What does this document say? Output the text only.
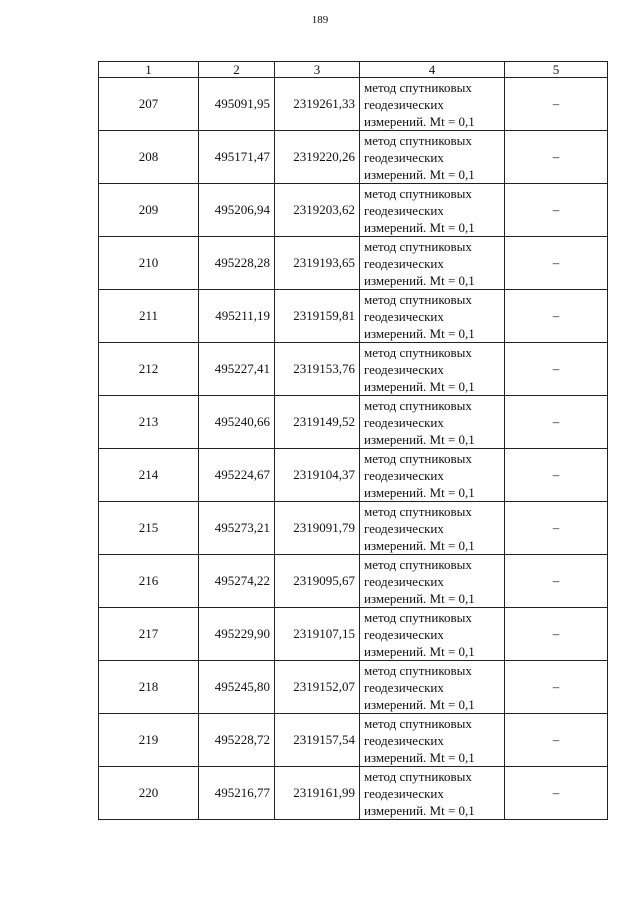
189
1	2	3	4	5
207	495091,95	2319261,33	метод спутниковых
геодезических
измерений. Mt = 0,1	–
208	495171,47	2319220,26	метод спутниковых
геодезических
измерений. Mt = 0,1	–
209	495206,94	2319203,62	метод спутниковых
геодезических
измерений. Mt = 0,1	–
210	495228,28	2319193,65	метод спутниковых
геодезических
измерений. Mt = 0,1	–
211	495211,19	2319159,81	метод спутниковых
геодезических
измерений. Mt = 0,1	–
212	495227,41	2319153,76	метод спутниковых
геодезических
измерений. Mt = 0,1	–
213	495240,66	2319149,52	метод спутниковых
геодезических
измерений. Mt = 0,1	–
214	495224,67	2319104,37	метод спутниковых
геодезических
измерений. Mt = 0,1	–
215	495273,21	2319091,79	метод спутниковых
геодезических
измерений. Mt = 0,1	–
216	495274,22	2319095,67	метод спутниковых
геодезических
измерений. Mt = 0,1	–
217	495229,90	2319107,15	метод спутниковых
геодезических
измерений. Mt = 0,1	–
218	495245,80	2319152,07	метод спутниковых
геодезических
измерений. Mt = 0,1	–
219	495228,72	2319157,54	метод спутниковых
геодезических
измерений. Mt = 0,1	–
220	495216,77	2319161,99	метод спутниковых
геодезических
измерений. Mt = 0,1	–
